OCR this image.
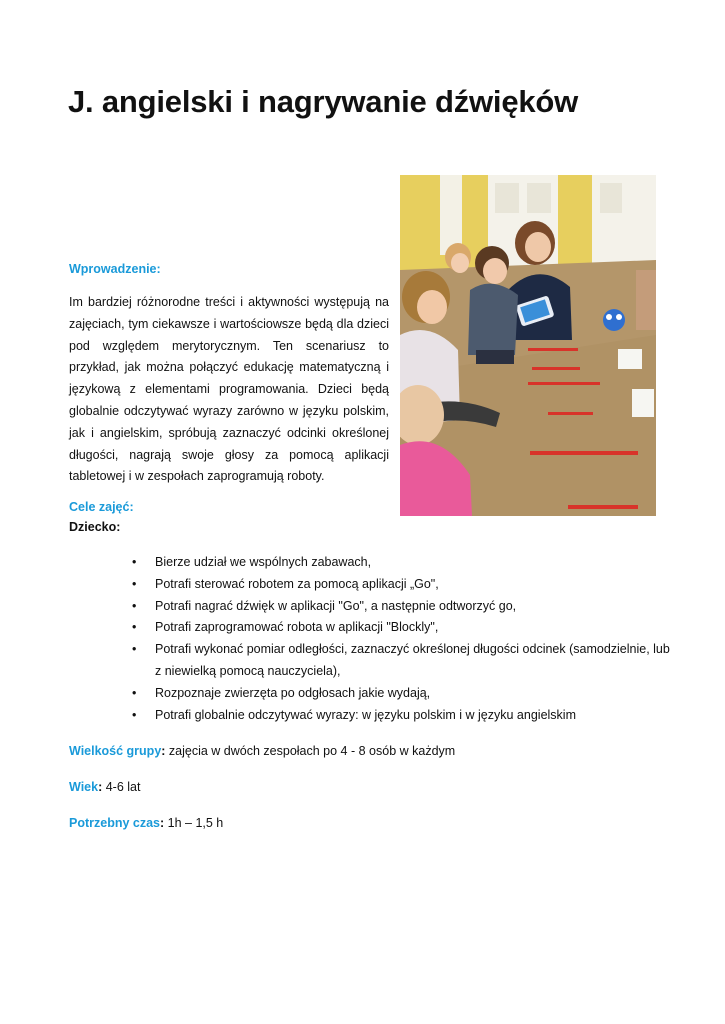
J. angielski i nagrywanie dźwięków
Wprowadzenie:

Im bardziej różnorodne treści i aktywności występują na zajęciach, tym ciekawsze i wartościowsze będą dla dzieci pod względem merytorycznym. Ten scenariusz to przykład, jak można połączyć edukację matematyczną i językową z elementami programowania. Dzieci będą globalnie odczytywać wyrazy zarówno w języku polskim, jak i angielskim, spróbują zaznaczyć odcinki określonej długości, nagrają swoje głosy za pomocą aplikacji tabletowej i w zespołach zaprogramują roboty.

Cele zajęć:

Dziecko:

• Bierze udział we wspólnych zabawach,
• Potrafi sterować robotem za pomocą aplikacji „Go",
• Potrafi nagrać dźwięk w aplikacji "Go", a następnie odtworzyć go,
• Potrafi zaprogramować robota w aplikacji "Blockly",
• Potrafi wykonać pomiar odległości, zaznaczyć określonej długości odcinek (samodzielnie, lub z niewielką pomocą nauczyciela),
• Rozpoznaje zwierzęta po odgłosach jakie wydają,
• Potrafi globalnie odczytywać wyrazy: w języku polskim i w języku angielskim

Wielkość grupy: zajęcia w dwóch zespołach po 4 - 8 osób w każdym

Wiek: 4-6 lat

Potrzebny czas: 1h – 1,5 h
